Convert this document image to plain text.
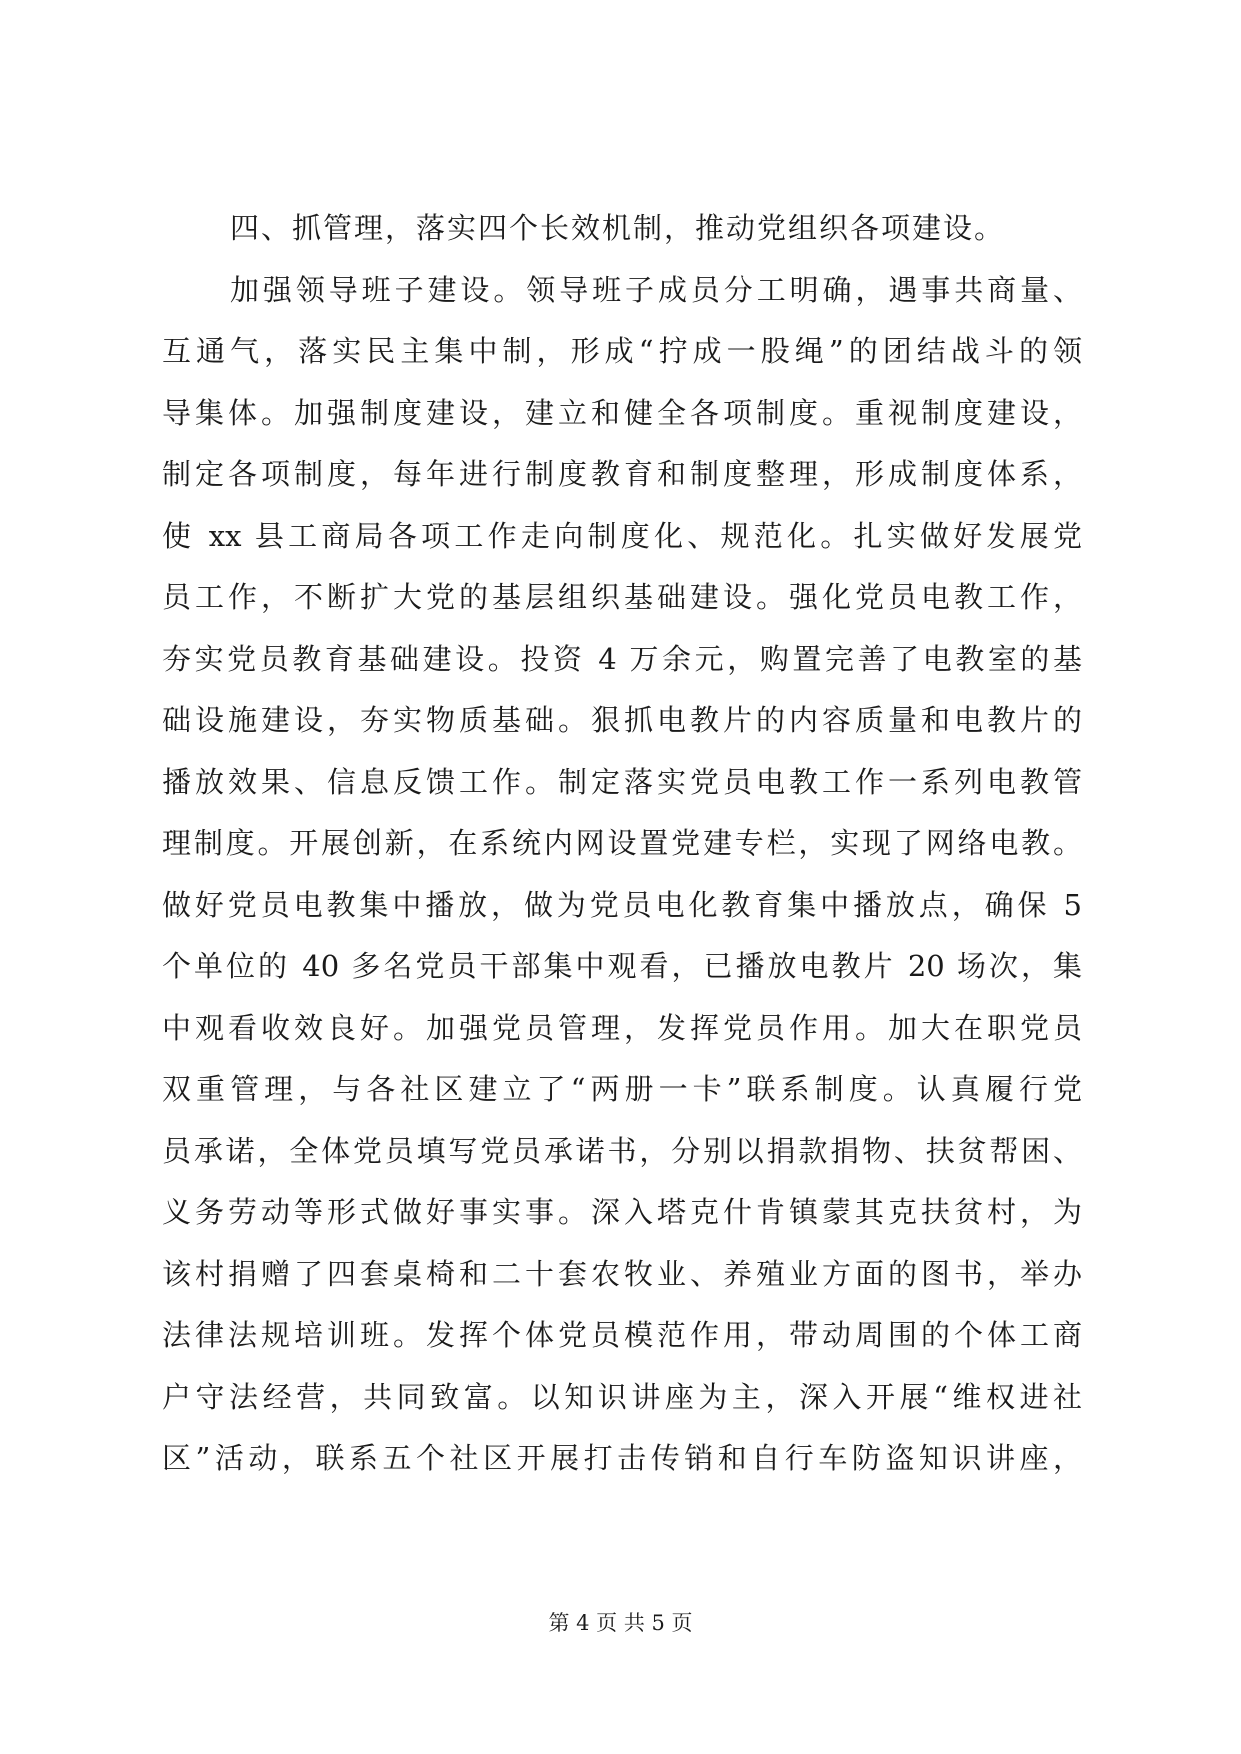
四、抓管理，落实四个长效机制，推动党组织各项建设。

加强领导班子建设。领导班子成员分工明确，遇事共商量、

互通气，落实民主集中制，形成“拧成一股绳”的团结战斗的领

导集体。加强制度建设，建立和健全各项制度。重视制度建设，

制定各项制度，每年进行制度教育和制度整理，形成制度体系，

使 xx 县工商局各项工作走向制度化、规范化。扎实做好发展党

员工作，不断扩大党的基层组织基础建设。强化党员电教工作，

夯实党员教育基础建设。投资 4 万余元，购置完善了电教室的基

础设施建设，夯实物质基础。狠抓电教片的内容质量和电教片的

播放效果、信息反馈工作。制定落实党员电教工作一系列电教管

理制度。开展创新，在系统内网设置党建专栏，实现了网络电教。

做好党员电教集中播放，做为党员电化教育集中播放点，确保 5

个单位的 40 多名党员干部集中观看，已播放电教片 20 场次，集

中观看收效良好。加强党员管理，发挥党员作用。加大在职党员

双重管理，与各社区建立了“两册一卡”联系制度。认真履行党

员承诺，全体党员填写党员承诺书，分别以捐款捐物、扶贫帮困、

义务劳动等形式做好事实事。深入塔克什肯镇蒙其克扶贫村，为

该村捐赠了四套桌椅和二十套农牧业、养殖业方面的图书，举办

法律法规培训班。发挥个体党员模范作用，带动周围的个体工商

户守法经营，共同致富。以知识讲座为主，深入开展“维权进社

区”活动，联系五个社区开展打击传销和自行车防盗知识讲座，

第 4 页 共 5 页
